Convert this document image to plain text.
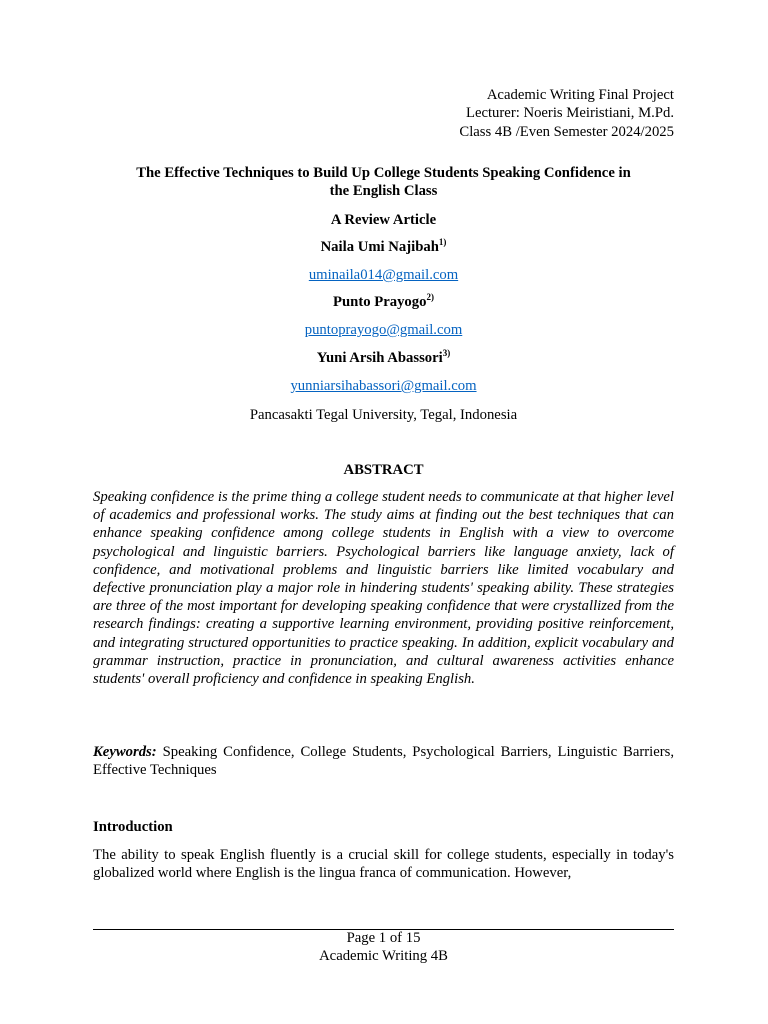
Academic Writing Final Project
Lecturer: Noeris Meiristiani, M.Pd.
Class 4B /Even Semester 2024/2025
The Effective Techniques to Build Up College Students Speaking Confidence in
the English Class
A Review Article
Naila Umi Najibah$^{1)}$
uminaila014@gmail.com
Punto Prayogo$^{2)}$
puntoprayogo@gmail.com
Yuni Arsih Abassori$^{3)}$
yunniarsihabassori@gmail.com
Pancasakti Tegal University, Tegal, Indonesia
ABSTRACT
Speaking confidence is the prime thing a college student needs to communicate at that higher level of academics and professional works. The study aims at finding out the best techniques that can enhance speaking confidence among college students in English with a view to overcome psychological and linguistic barriers. Psychological barriers like language anxiety, lack of confidence, and motivational problems and linguistic barriers like limited vocabulary and defective pronunciation play a major role in hindering students' speaking ability. These strategies are three of the most important for developing speaking confidence that were crystallized from the research findings: creating a supportive learning environment, providing positive reinforcement, and integrating structured opportunities to practice speaking. In addition, explicit vocabulary and grammar instruction, practice in pronunciation, and cultural awareness activities enhance students' overall proficiency and confidence in speaking English.
Keywords: Speaking Confidence, College Students, Psychological Barriers, Linguistic Barriers, Effective Techniques
Introduction
The ability to speak English fluently is a crucial skill for college students, especially in today's globalized world where English is the lingua franca of communication. However,
Page 1 of 15
Academic Writing 4B
